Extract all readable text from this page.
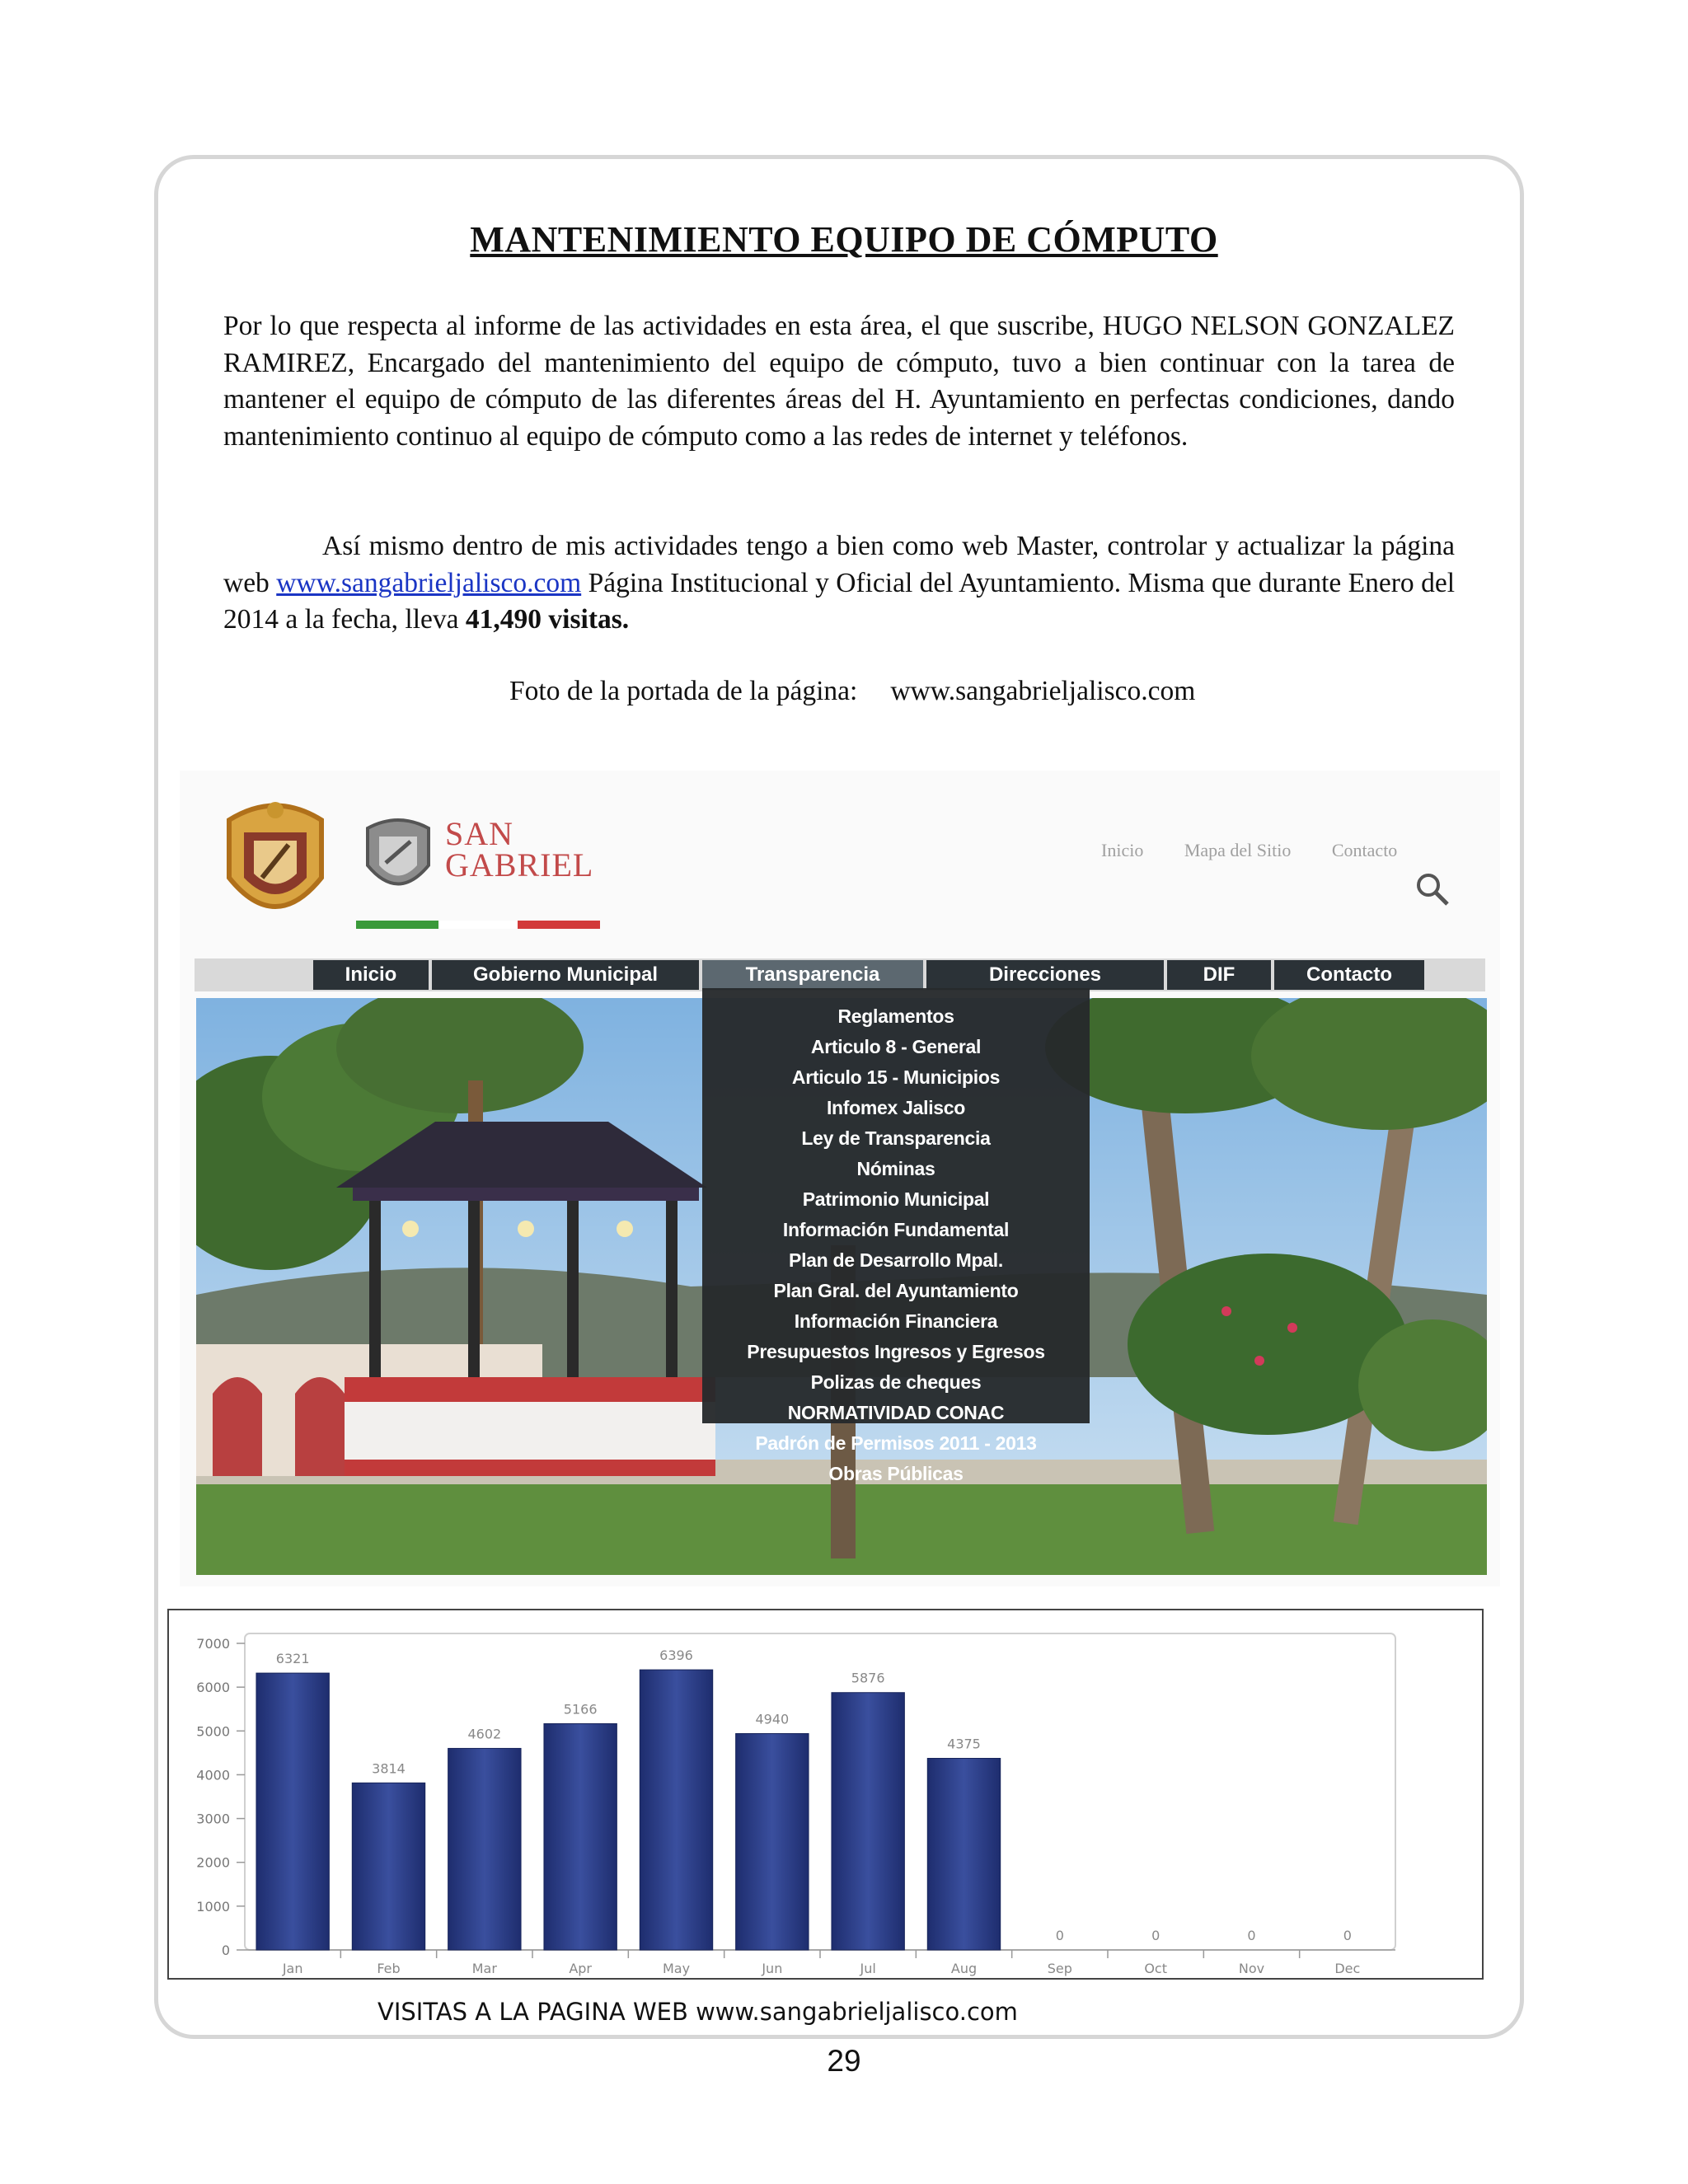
MANTENIMIENTO EQUIPO DE CÓMPUTO

Por lo que respecta al informe de las actividades en esta área, el que suscribe, HUGO NELSON GONZALEZ RAMIREZ, Encargado del mantenimiento del equipo de cómputo, tuvo a bien continuar con la tarea de mantener el equipo de cómputo de las diferentes áreas del H. Ayuntamiento en perfectas condiciones, dando mantenimiento continuo al equipo de cómputo como a las redes de internet y teléfonos.

Así mismo dentro de mis actividades tengo a bien como web Master, controlar y actualizar la página web www.sangabrieljalisco.com Página Institucional y Oficial del Ayuntamiento. Misma que durante Enero del 2014 a la fecha, lleva 41,490 visitas.

Foto de la portada de la página: www.sangabrieljalisco.com
SAN
GABRIEL	Inicio Mapa del Sitio Contacto
Inicio	Gobierno Municipal	Transparencia	Direcciones	DIF	Contacto
Reglamentos
Articulo 8 - General
Articulo 15 - Municipios
Infomex Jalisco
Ley de Transparencia
Nóminas
Patrimonio Municipal
Información Fundamental
Plan de Desarrollo Mpal.
Plan Gral. del Ayuntamiento
Información Financiera
Presupuestos Ingresos y Egresos
Polizas de cheques
NORMATIVIDAD CONAC
Padrón de Permisos 2011 - 2013
Obras Públicas
0
1000
2000
3000
4000
5000
6000
7000
6321
Jan
3814
Feb
4602
Mar
5166
Apr
6396
May
4940
Jun
5876
Jul
4375
Aug
0
Sep
0
Oct
0
Nov
0
Dec
VISITAS A LA PAGINA WEB www.sangabrieljalisco.com
29
